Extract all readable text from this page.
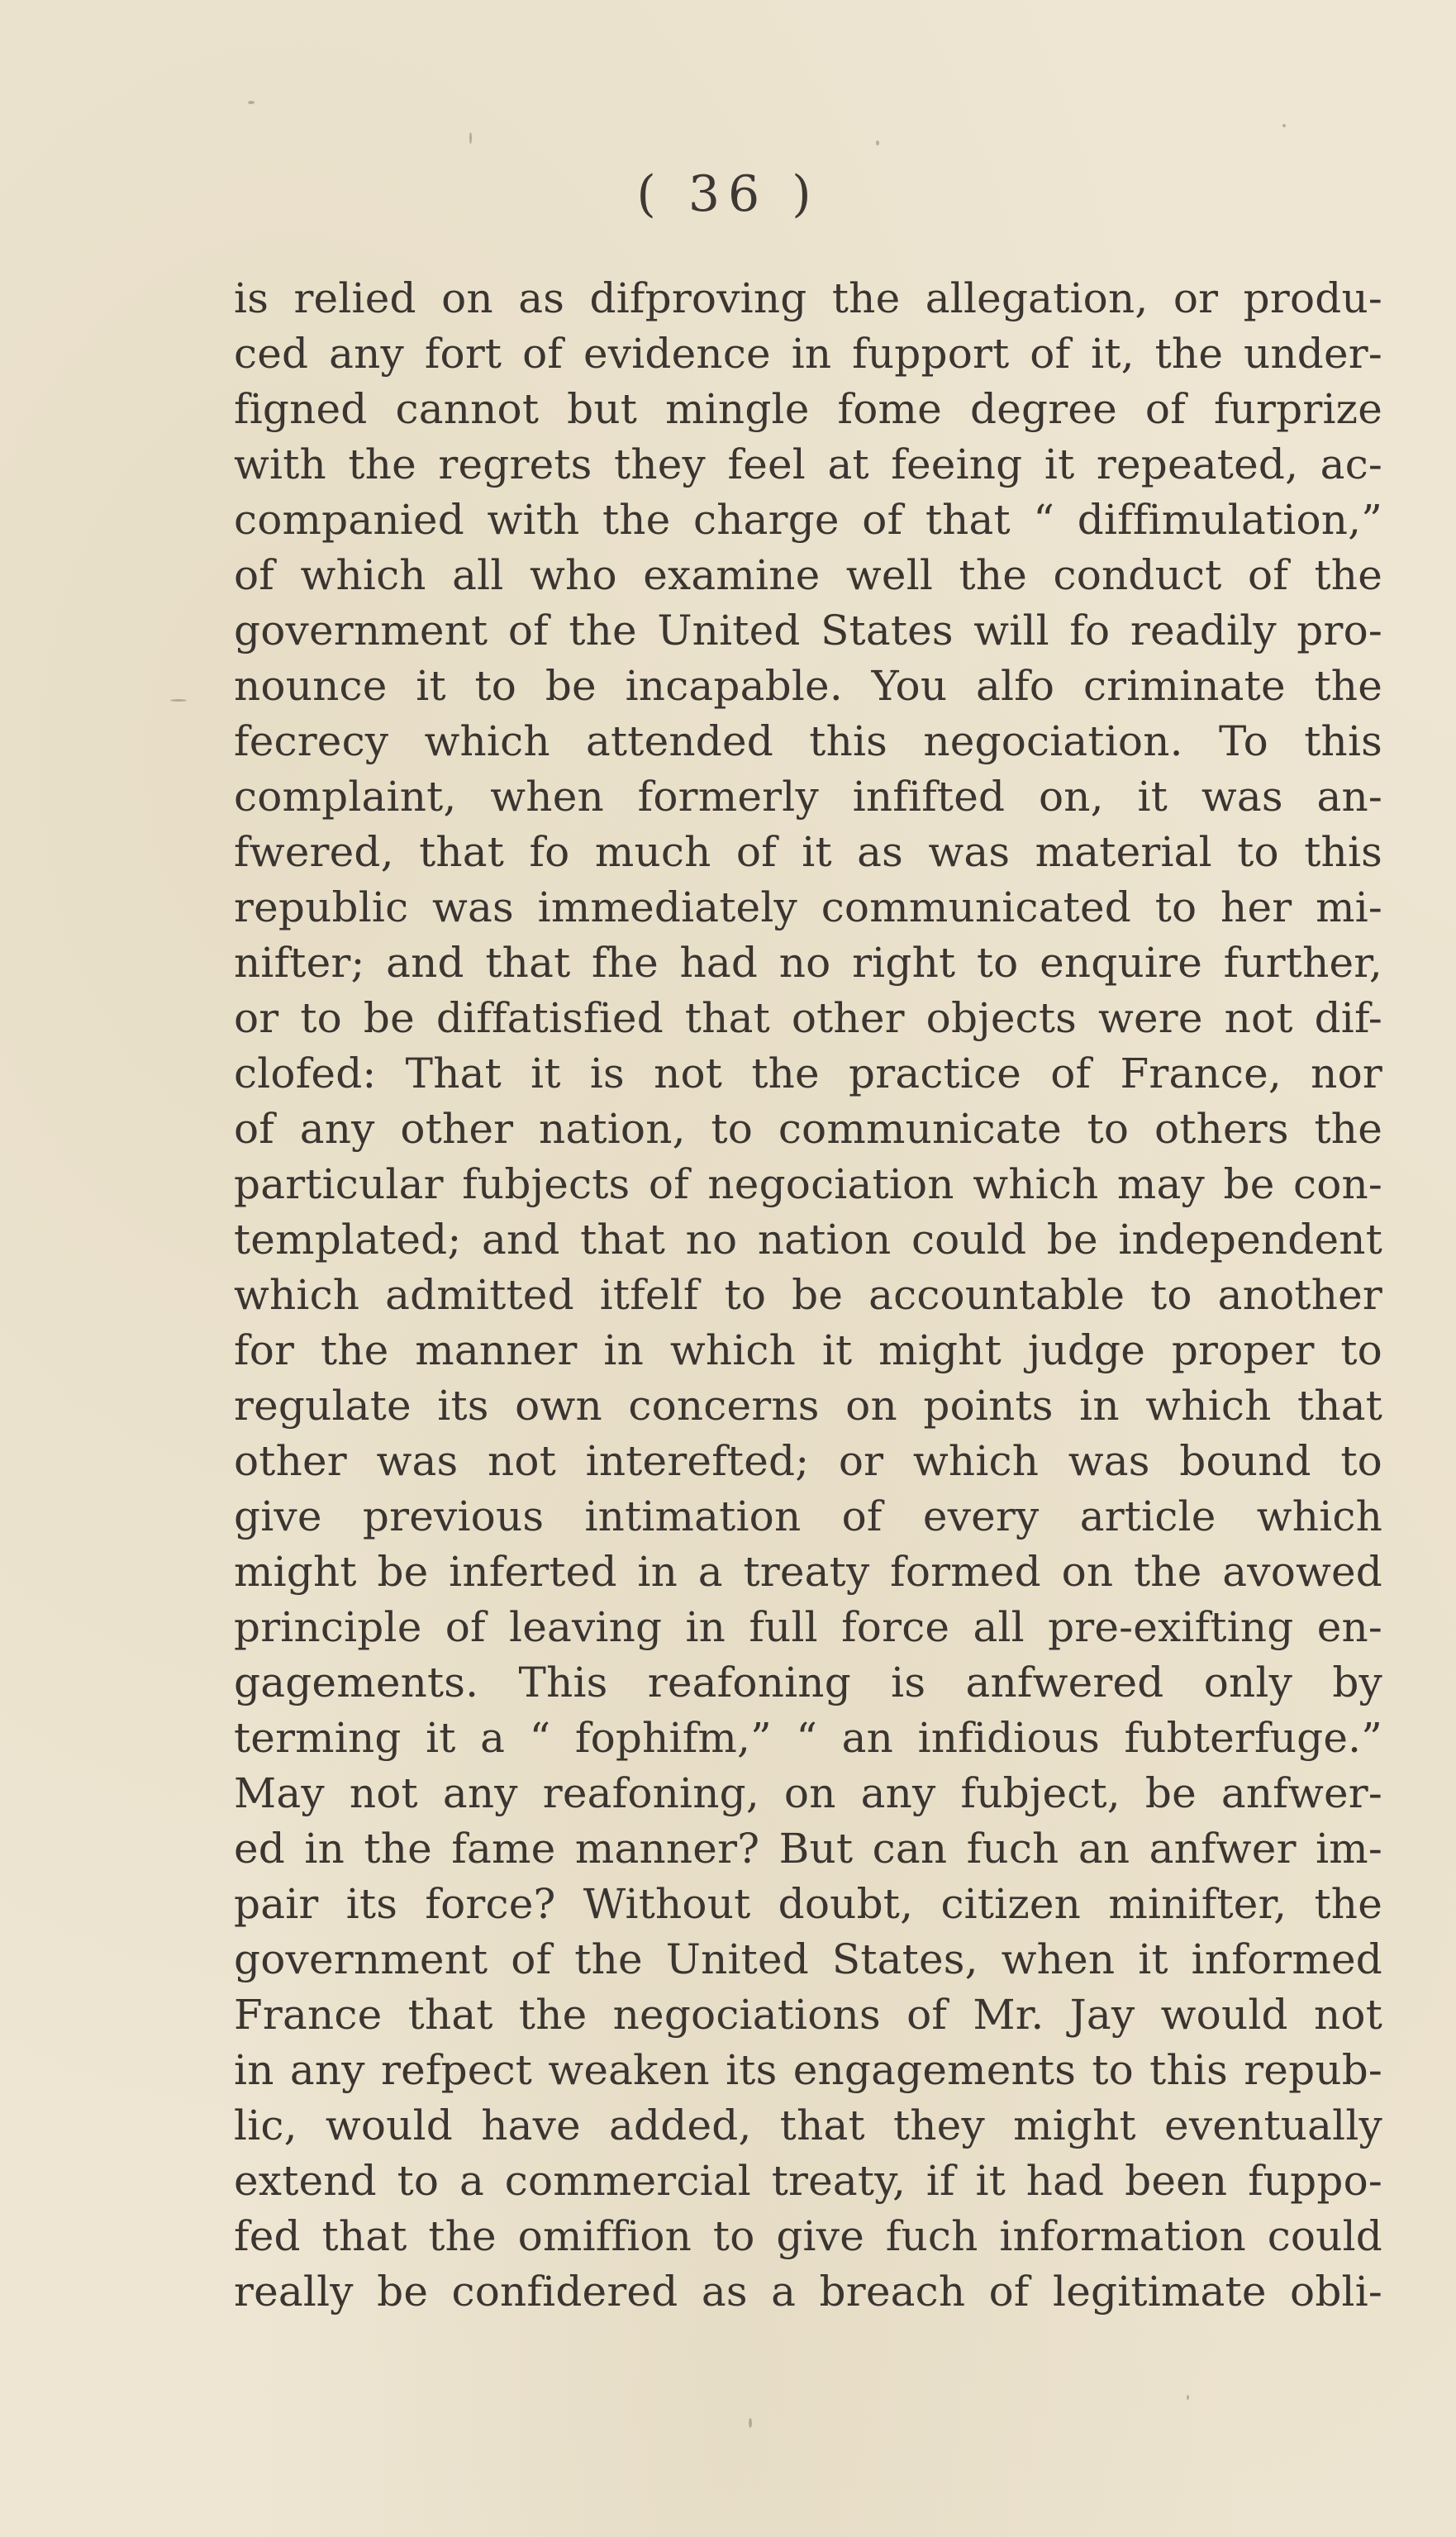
( 36 )
is relied on as difproving the allegation, or produ-
ced any fort of evidence in fupport of it, the under-
figned cannot but mingle fome degree of furprize
with the regrets they feel at feeing it repeated, ac-
companied with the charge of that “ diffimulation,”
of which all who examine well the conduct of the
government of the United States will fo readily pro-
nounce it to be incapable. You alfo criminate the
fecrecy which attended this negociation. To this
complaint, when formerly infifted on, it was an-
fwered, that fo much of it as was material to this
republic was immediately communicated to her mi-
nifter; and that fhe had no right to enquire further,
or to be diffatisfied that other objects were not dif-
clofed: That it is not the practice of France, nor
of any other nation, to communicate to others the
particular fubjects of negociation which may be con-
templated; and that no nation could be independent
which admitted itfelf to be accountable to another
for the manner in which it might judge proper to
regulate its own concerns on points in which that
other was not interefted; or which was bound to
give previous intimation of every article which
might be inferted in a treaty formed on the avowed
principle of leaving in full force all pre-exifting en-
gagements. This reafoning is anfwered only by
terming it a “ fophifm,” “ an infidious fubterfuge.”
May not any reafoning, on any fubject, be anfwer-
ed in the fame manner? But can fuch an anfwer im-
pair its force? Without doubt, citizen minifter, the
government of the United States, when it informed
France that the negociations of Mr. Jay would not
in any refpect weaken its engagements to this repub-
lic, would have added, that they might eventually
extend to a commercial treaty, if it had been fuppo-
fed that the omiffion to give fuch information could
really be confidered as a breach of legitimate obli-
